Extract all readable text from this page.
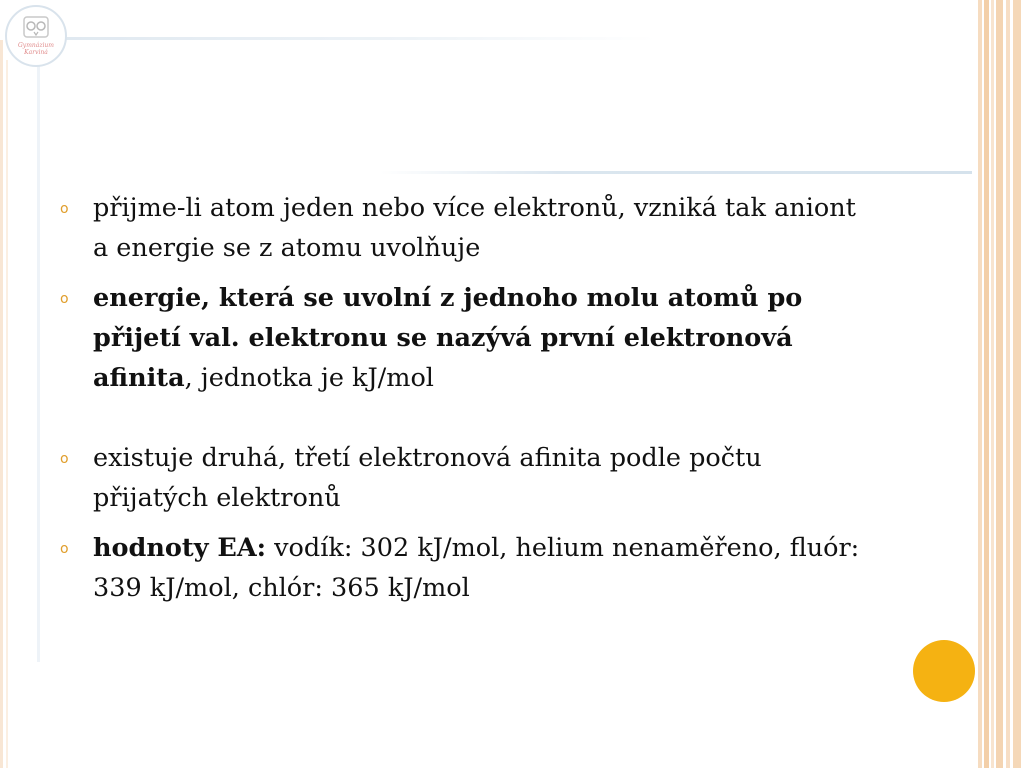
Gymnázium
Karviná
o přijme-li atom jeden nebo více elektronů, vzniká tak aniont a energie se z atomu uvolňuje
o energie, která se uvolní z jednoho molu atomů po přijetí val. elektronu se nazývá první elektronová afinita, jednotka je kJ/mol
o existuje druhá, třetí elektronová afinita podle počtu přijatých elektronů
o hodnoty EA: vodík: 302 kJ/mol, helium nenaměřeno, fluór: 339 kJ/mol, chlór: 365 kJ/mol
